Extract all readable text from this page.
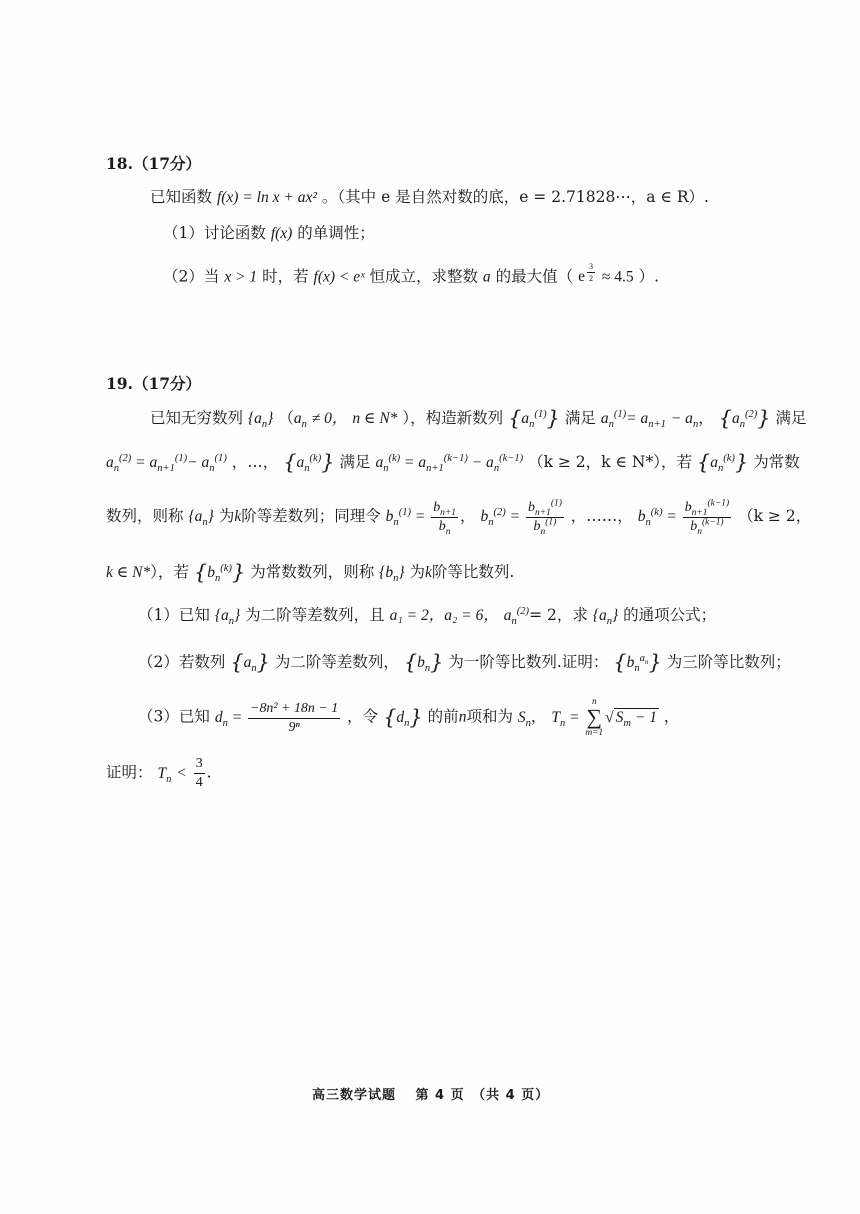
18.（17分）
已知函数 f(x) = ln x + ax² 。（其中 e 是自然对数的底，e = 2.71828⋯，a ∈ R）.
（1）讨论函数 f(x) 的单调性；
（2）当 x > 1 时，若 f(x) < eˣ 恒成立，求整数 a 的最大值（ e $^{\frac{3}{2}}$ ≈ 4.5 ）.
19.（17分）
已知无穷数列 $\{a_n\} (a_n \ne 0$， n ∈ N* ），构造新数列 $\{a_n^{(1)}\}$ 满足 $a_n^{(1)}= a_{n+1} - a_n$， $\{a_n^{(2)}\}$ 满足
$a_n^{(2)} = a_{n+1}^{(1)}- a_n^{(1)}$ ，…， $\{a_n^{(k)}\}$ 满足 $a_n^{(k)} = a_{n+1}^{(k-1)} - a_n^{(k-1)}$ （k ≥ 2，k ∈ N*），若 $\{a_n^{(k)}\}$ 为常数
数列，则称 $\{a_n\}$ 为k阶等差数列；同理令 $b_n^{(1)} = \frac{b_{n+1}}{b_n}$ ， $b_n^{(2)} = \frac{b_{n+1}^{(1)}}{b_n^{(1)}}$ ，……， $b_n^{(k)} = \frac{b_{n+1}^{(k-1)}}{b_n^{(k-1)}} (k \ge 2$，
k ∈ N*），若 $\{b_n^{(k)}\}$ 为常数数列，则称 $\{b_n\}$ 为k阶等比数列.
（1）已知 $\{a_n\}$ 为二阶等差数列，且 a₁ = 2，a₂ = 6， $a_n^{(2)}= 2$，求 $\{a_n\}$ 的通项公式；
（2）若数列 $\{a_n\}$ 为二阶等差数列， $\{b_n\}$ 为一阶等比数列.证明： $\{b_n^{a_n}\}$ 为三阶等比数列；
（3）已知 $d_n = \frac{\text{−8n² + 18n − 1}}{\text{9ⁿ}}$ ，令 $\{d_n\}$ 的前n项和为 $S_n$， $T_n$ =
n
∑
m=1
√ $S_m - 1$ ，
证明： $T_n < \frac{3}{4}$ .
高三数学试题　 第 4 页　（共 4 页）
